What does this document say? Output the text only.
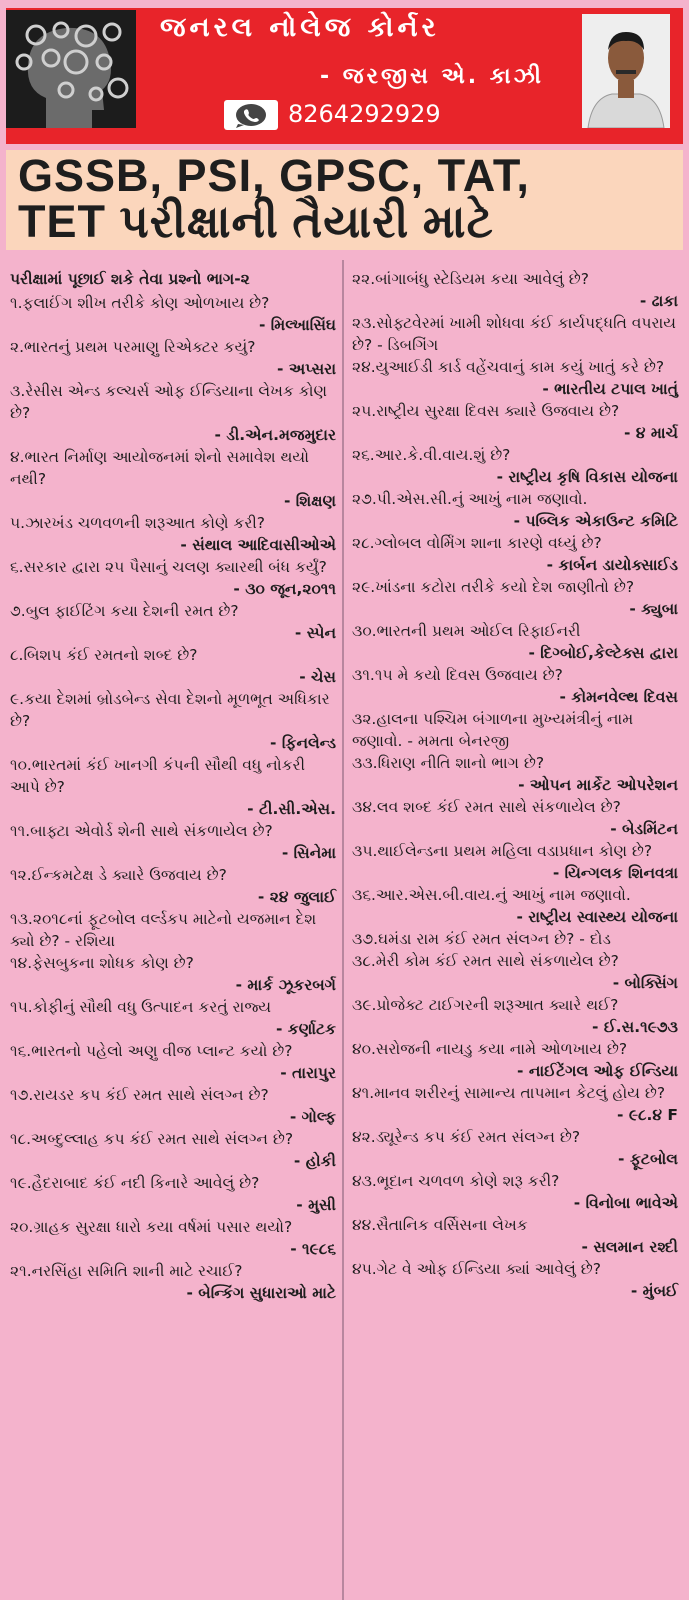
જનરલ નોલેજ કોર્નર
- જરજીસ એ. કાઝી
8264292929
GSSB, PSI, GPSC, TAT,
TET પરીક્ષાની તૈયારી માટે

પરીક્ષામાં પૂછાઈ શકે તેવા પ્રશ્નો ભાગ-૨

૧.ફલાઈંગ શીખ તરીકે કોણ ઓળખાય છે?

- મિલ્ખાસિંઘ

૨.ભારતનું પ્રથમ પરમાણુ રિએક્ટર કયું?

- અપ્સરા

૩.રેસીસ એન્ડ કલ્ચર્સ ઓફ ઈન્ડિયાના લેખક કોણ છે?

- ડી.એન.મજમુદાર

૪.ભારત નિર્માણ આયોજનમાં શેનો સમાવેશ થયો નથી?

- શિક્ષણ

૫.ઝારખંડ ચળવળની શરૂઆત કોણે કરી?

- સંથાલ આદિવાસીઓએ

૬.સરકાર દ્વારા ૨૫ પૈસાનું ચલણ ક્યારથી બંધ કર્યું?

- ૩૦ જૂન,૨૦૧૧

૭.બુલ ફાઈટિંગ કયા દેશની રમત છે?

- સ્પેન

૮.બિશપ કંઈ રમતનો શબ્દ છે?

- ચેસ

૯.કયા દેશમાં બ્રોડબેન્ડ સેવા દેશનો મૂળભૂત અધિકાર છે?

- ફિનલેન્ડ

૧૦.ભારતમાં કંઈ ખાનગી કંપની સૌથી વધુ નોકરી આપે છે?

- ટી.સી.એસ.

૧૧.બાફ્ટા એવોર્ડ શેની સાથે સંકળાયેલ છે?

- સિનેમા

૧૨.ઈન્કમટેક્ષ ડે ક્યારે ઉજવાય છે?

- ૨૪ જુલાઈ

૧૩.૨૦૧૮નાં ફૂટબોલ વર્લ્ડકપ માટેનો યજમાન દેશ ક્યો છે? - રશિયા

૧૪.ફેસબુકના શોધક કોણ છે?

- માર્ક ઝૂકરબર્ગ

૧૫.કોફીનું સૌથી વધુ ઉત્પાદન કરતું રાજ્ય

- કર્ણાટક

૧૬.ભારતનો પહેલો અણુ વીજ પ્લાન્ટ કયો છે?

- તારાપુર

૧૭.રાયડર કપ કંઈ રમત સાથે સંલગ્ન છે?

- ગોલ્ફ

૧૮.અબ્દુલ્લાહ કપ કંઈ રમત સાથે સંલગ્ન છે?

- હોકી

૧૯.હૈદરાબાદ કંઈ નદી કિનારે આવેલું છે?

- મુસી

૨૦.ગ્રાહક સુરક્ષા ધારો કયા વર્ષમાં પસાર થયો?

- ૧૯૮૬

૨૧.નરસિંહા સમિતિ શાની માટે રચાઈ?

- બેન્કિંગ સુધારાઓ માટે

૨૨.બાંગાબંધુ સ્ટેડિયમ કયા આવેલું છે?

- ઢાકા

૨૩.સોફ્ટવેરમાં ખામી શોધવા કંઈ કાર્યપદ્ધતિ વપરાય છે? - ડિબગિંગ

૨૪.યુઆઈડી કાર્ડ વહેંચવાનું કામ કયું ખાતું કરે છે?

- ભારતીય ટપાલ ખાતું

૨૫.રાષ્ટ્રીય સુરક્ષા દિવસ ક્યારે ઉજવાય છે?

- ૪ માર્ચ

૨૬.આર.કે.વી.વાય.શું છે?

- રાષ્ટ્રીય કૃષિ વિકાસ યોજના

૨૭.પી.એસ.સી.નું આખું નામ જણાવો.

- પબ્લિક એકાઉન્ટ કમિટિ

૨૮.ગ્લોબલ વોર્મિંગ શાના કારણે વધ્યું છે?

- કાર્બન ડાયોક્સાઈડ

૨૯.ખાંડના કટોરા તરીકે કયો દેશ જાણીતો છે?

- ક્યુબા

૩૦.ભારતની પ્રથમ ઓઈલ રિફાઈનરી

- દિગ્બોઈ,કેલ્ટેક્સ દ્વારા

૩૧.૧૫ મે કયો દિવસ ઉજવાય છે?

- કોમનવેલ્થ દિવસ

૩૨.હાલના પશ્ચિમ બંગાળના મુખ્યમંત્રીનું નામ જણાવો. - મમતા બેનરજી

૩૩.ધિરાણ નીતિ શાનો ભાગ છે?

- ઓપન માર્કેટ ઓપરેશન

૩૪.લવ શબ્દ કંઈ રમત સાથે સંકળાયેલ છે?

- બેડમિંટન

૩૫.થાઈલેન્ડના પ્રથમ મહિલા વડાપ્રધાન કોણ છે?

- યિન્ગલક શિનવત્રા

૩૬.આર.એસ.બી.વાય.નું આખું નામ જણાવો.

- રાષ્ટ્રીય સ્વાસ્થ્ય યોજના

૩૭.ઘમંડા રામ કંઈ રમત સંલગ્ન છે? - દોડ

૩૮.મેરી કોમ કંઈ રમત સાથે સંકળાયેલ છે?

- બોક્સિંગ

૩૯.પ્રોજેક્ટ ટાઈગરની શરૂઆત ક્યારે થઈ?

- ઈ.સ.૧૯૭૩

૪૦.સરોજની નાયડુ કયા નામે ઓળખાય છે?

- નાઈટેંગલ ઓફ ઈન્ડિયા

૪૧.માનવ શરીરનું સામાન્ય તાપમાન કેટલું હોય છે?

- ૯૮.૪ F

૪૨.ડ્યૂરેન્ડ કપ કંઈ રમત સંલગ્ન છે?

- ફૂટબોલ

૪૩.ભૂદાન ચળવળ કોણે શરૂ કરી?

- વિનોબા ભાવેએ

૪૪.સૈતાનિક વર્સિસના લેખક

- સલમાન રશ્દી

૪૫.ગેટ વે ઓફ ઈન્ડિયા ક્યાં આવેલું છે?

- મુંબઈ
